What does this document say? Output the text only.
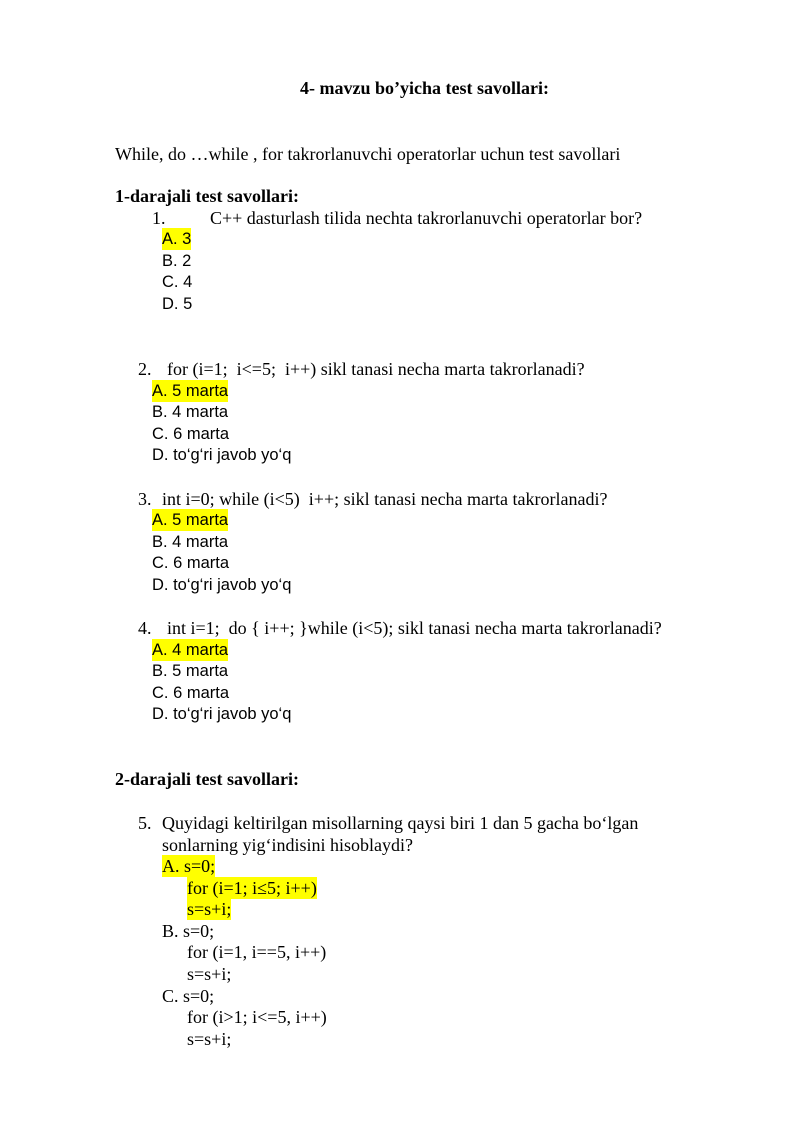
4- mavzu bo’yicha test savollari:
While, do …while , for takrorlanuvchi operatorlar uchun test savollari
1-darajali test savollari:
1. C++ dasturlash tilida nechta takrorlanuvchi operatorlar bor?
A. 3
B. 2
C. 4
D. 5
2. for (i=1;  i<=5;  i++) sikl tanasi necha marta takrorlanadi?
A. 5 marta
B. 4 marta
C. 6 marta
D. to‘g‘ri javob yo‘q
3. int i=0; while (i<5)  i++; sikl tanasi necha marta takrorlanadi?
A. 5 marta
B. 4 marta
C. 6 marta
D. to‘g‘ri javob yo‘q
4. int i=1;  do { i++; }while (i<5); sikl tanasi necha marta takrorlanadi?
A. 4 marta
B. 5 marta
C. 6 marta
D. to‘g‘ri javob yo‘q
2-darajali test savollari:
5. Quyidagi keltirilgan misollarning qaysi biri 1 dan 5 gacha bo‘lgan
sonlarning yig‘indisini hisoblaydi?
A. s=0;
for (i=1; i≤5; i++)
s=s+i;
B. s=0;
for (i=1, i==5, i++)
s=s+i;
C. s=0;
for (i>1; i<=5, i++)
s=s+i;
